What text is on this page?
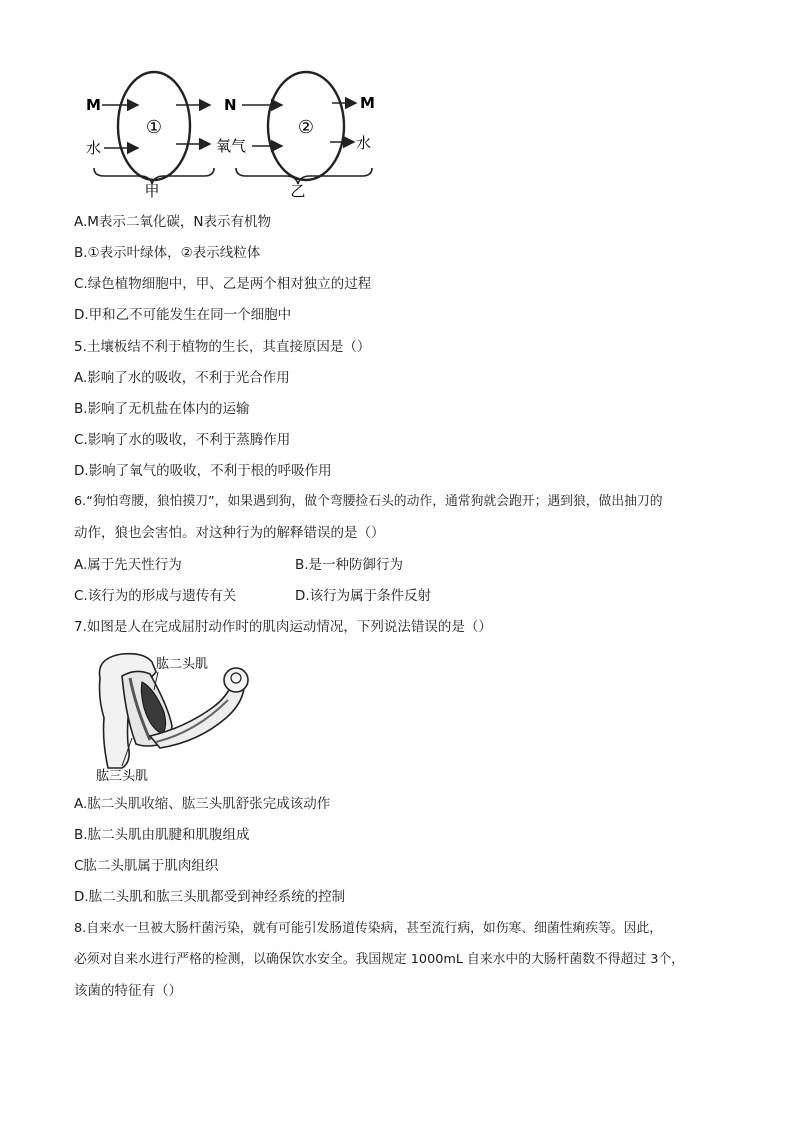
①	②
M
水
N
氧气
M
水
甲	乙
A.M表示二氧化碳，N表示有机物
B.①表示叶绿体，②表示线粒体
C.绿色植物细胞中，甲、乙是两个相对独立的过程
D.甲和乙不可能发生在同一个细胞中
5.土壤板结不利于植物的生长，其直接原因是（）
A.影响了水的吸收，不利于光合作用
B.影响了无机盐在体内的运输
C.影响了水的吸收，不利于蒸腾作用
D.影响了氧气的吸收，不利于根的呼吸作用
6.“狗怕弯腰，狼怕摸刀”，如果遇到狗，做个弯腰捡石头的动作，通常狗就会跑开；遇到狼，做出抽刀的
动作，狼也会害怕。对这种行为的解释错误的是（）
A.属于先天性行为	B.是一种防御行为
C.该行为的形成与遗传有关	D.该行为属于条件反射
7.如图是人在完成屈肘动作时的肌肉运动情况，下列说法错误的是（）
肱二头肌
肱三头肌
A.肱二头肌收缩、肱三头肌舒张完成该动作
B.肱二头肌由肌腱和肌腹组成
C肱二头肌属于肌肉组织
D.肱二头肌和肱三头肌都受到神经系统的控制
8.自来水一旦被大肠杆菌污染，就有可能引发肠道传染病，甚至流行病，如伤寒、细菌性痢疾等。因此，
必须对自来水进行严格的检测，以确保饮水安全。我国规定 1000mL 自来水中的大肠杆菌数不得超过 3个，
该菌的特征有（）
